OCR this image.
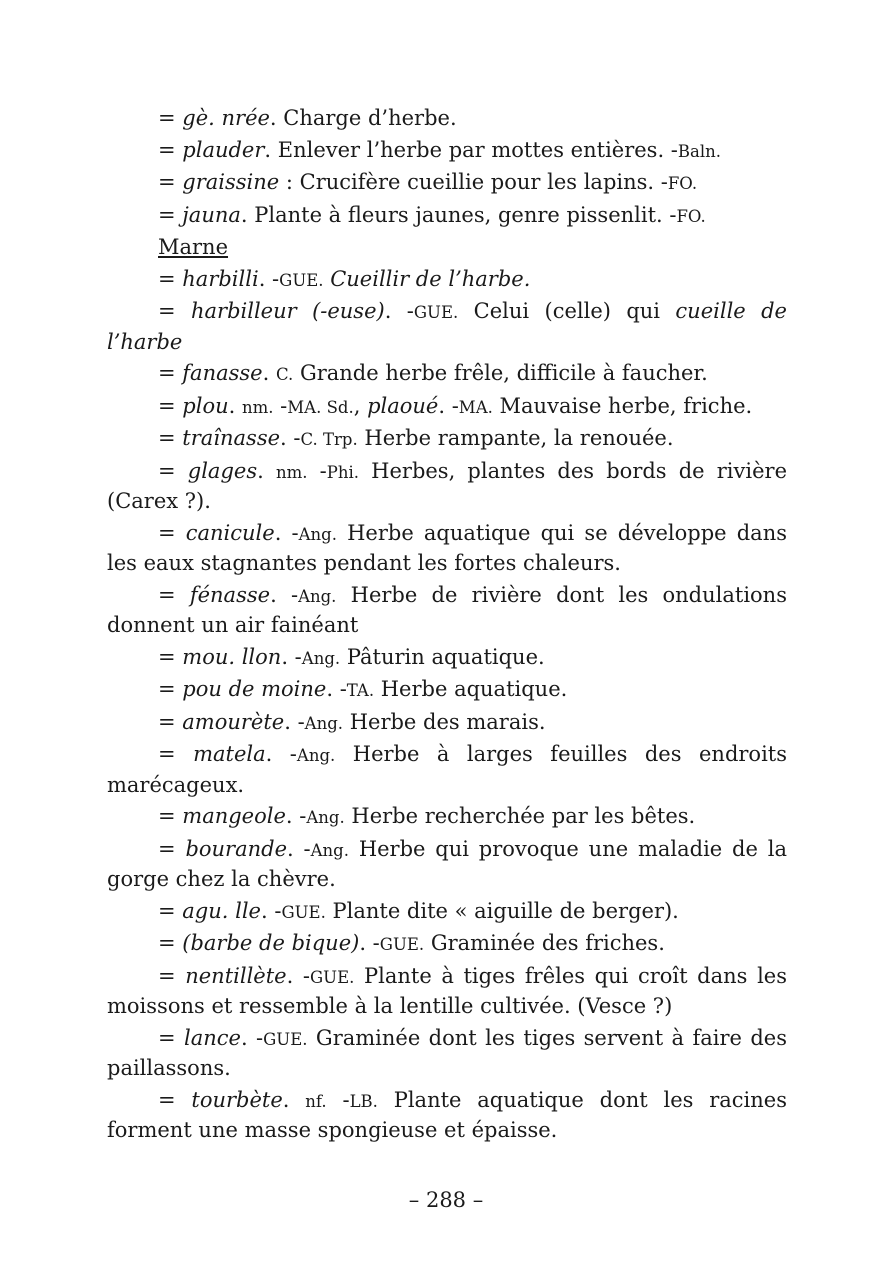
= gè. nrée. Charge d’herbe.

= plauder. Enlever l’herbe par mottes entières. -Baln.

= graissine : Crucifère cueillie pour les lapins. -FO.

= jauna. Plante à fleurs jaunes, genre pissenlit. -FO.

Marne

= harbilli. -GUE. Cueillir de l’harbe.

= harbilleur (-euse). -GUE. Celui (celle) qui cueille de l’harbe

= fanasse. C. Grande herbe frêle, difficile à faucher.

= plou. nm. -MA. Sd., plaoué. -MA. Mauvaise herbe, friche.

= traînasse. -C. Trp. Herbe rampante, la renouée.

= glages. nm. -Phi. Herbes, plantes des bords de rivière (Carex ?).

= canicule. -Ang. Herbe aquatique qui se développe dans les eaux stagnantes pendant les fortes chaleurs.

= fénasse. -Ang. Herbe de rivière dont les ondulations donnent un air fainéant

= mou. llon. -Ang. Pâturin aquatique.

= pou de moine. -TA. Herbe aquatique.

= amourète. -Ang. Herbe des marais.

= matela. -Ang. Herbe à larges feuilles des endroits marécageux.

= mangeole. -Ang. Herbe recherchée par les bêtes.

= bourande. -Ang. Herbe qui provoque une maladie de la gorge chez la chèvre.

= agu. lle. -GUE. Plante dite « aiguille de berger).

= (barbe de bique). -GUE. Graminée des friches.

= nentillète. -GUE. Plante à tiges frêles qui croît dans les moissons et ressemble à la lentille cultivée. (Vesce ?)

= lance. -GUE. Graminée dont les tiges servent à faire des paillassons.

= tourbète. nf. -LB. Plante aquatique dont les racines forment une masse spongieuse et épaisse.

– 288 –
